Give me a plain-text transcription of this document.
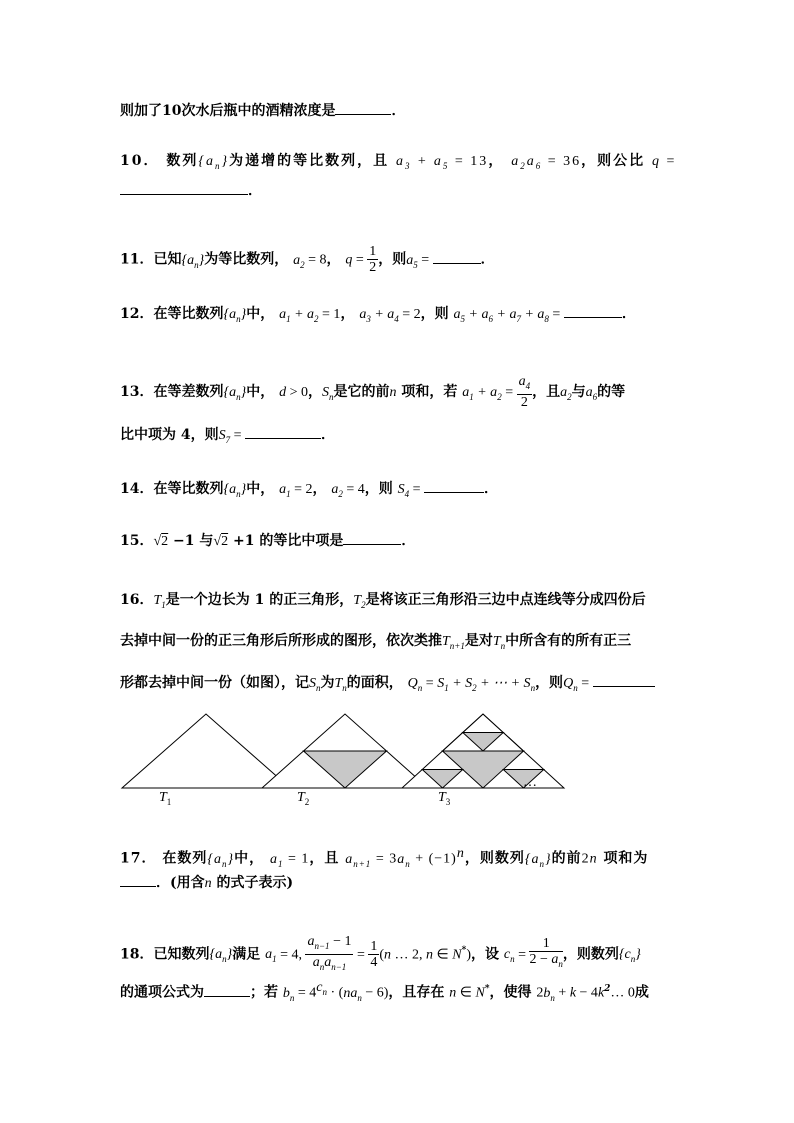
则加了10次水后瓶中的酒精浓度是	．
10． 数列$\{a_n\}$为递增的等比数列，且 $a_3 + a_5 = 13$， $a_2a_6 = 36$，则公比 q =
．
11．已知$\{a_n\}$为等比数列， $a_2 = 8$， $q = \frac{1}{2}$ ，则$a_5$ =	．
12．在等比数列$\{a_n\}$中， $a_1 + a_2 = 1$， $a_3 + a_4 = 2$，则 $a_5 + a_6 + a_7 + a_8$ =	．
13．在等差数列$\{a_n\}$中， d > 0，$S_n$是它的前n 项和，若 $a_1 + a_2 = \frac{a_4}{2}$ ，且$a_2$与$a_6$的等
比中项为 4，则$S_7$ =	．
14．在等比数列$\{a_n\}$中， $a_1 = 2$， $a_2 = 4$，则 $S_4$ =	．
15．√2 −1 与√2 +1 的等比中项是	．
16．$T_1$是一个边长为 1 的正三角形，$T_2$是将该正三角形沿三边中点连线等分成四份后
去掉中间一份的正三角形后所形成的图形，依次类推$T_{n+1}$是对$T_n$中所含有的所有正三
形都去掉中间一份（如图），记$S_n$为$T_n$的面积， $Q_n = S_1 + S_2$ + ⋯ + $S_n$，则$Q_n$ =
$T_1$	$T_2$	$T_3$
…
17． 在数列$\{a_n\}$中， $a_1 = 1$，且 $a_{n+1} = 3a_n + (-1)^n$，则数列$\{a_n\}$的前2n 项和为
．(用含n 的式子表示)
18．已知数列$\{a_n\}$满足 $a_1 = 4$, $\frac{a_{n-1} - 1}{a_na_{n-1}} = \frac{1}{4} (n$ … 2, n ∈ N*)，设 $c_n = \frac{1}{2 - a_n}$ ，则数列$\{c_n\}$
的通项公式为	；若 $b_n = 4^{c_n} \cdot (na_n - 6)$，且存在 n ∈ N*，使得 $2b_n + k$ − $4k^2\dots$ 0成
